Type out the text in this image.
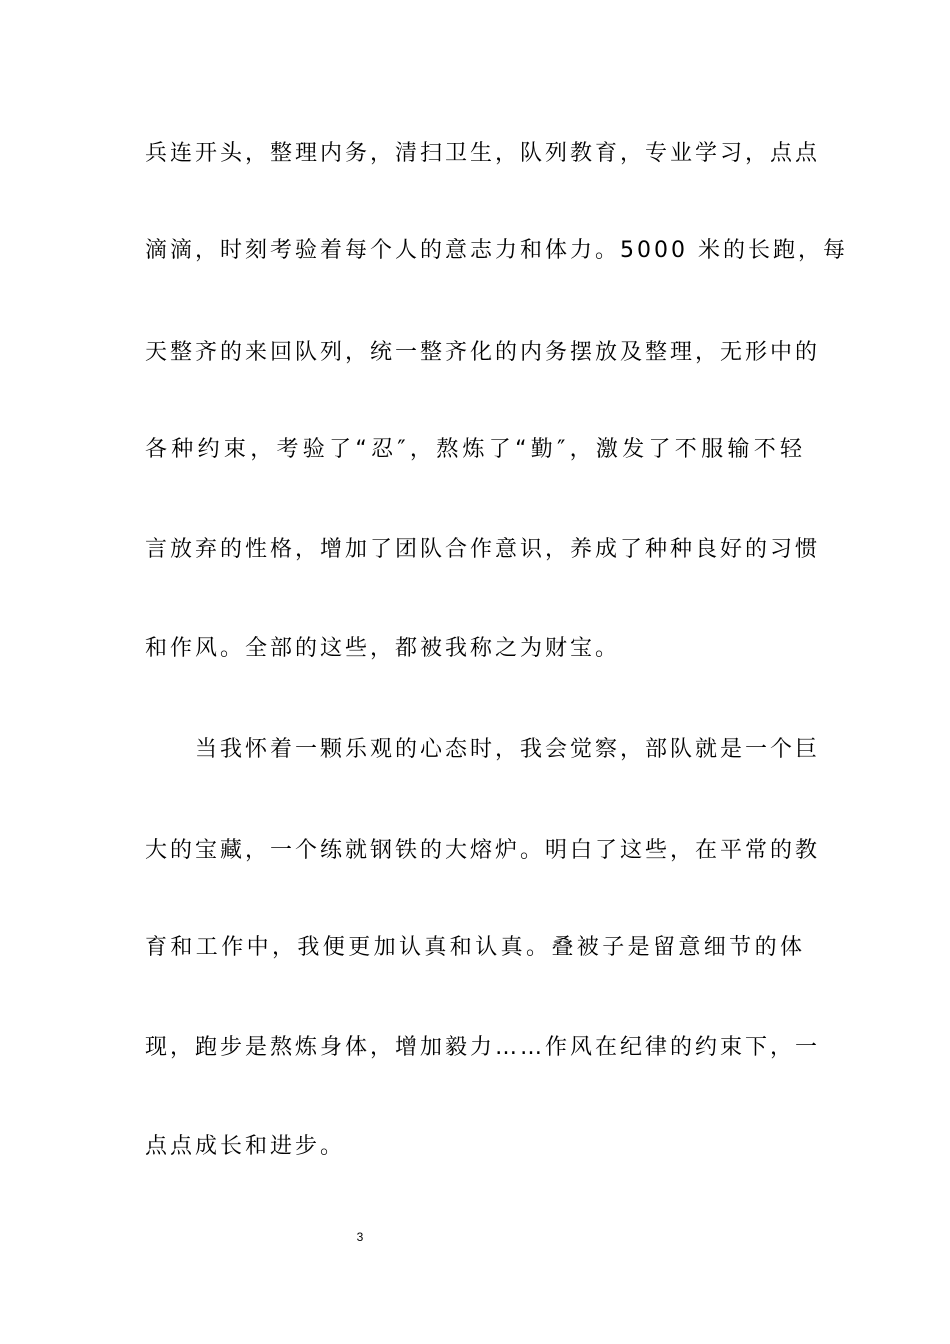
兵连开头，整理内务，清扫卫生，队列教育，专业学习，点点
滴滴，时刻考验着每个人的意志力和体力。5000 米的长跑，每
天整齐的来回队列，统一整齐化的内务摆放及整理，无形中的
各种约束，考验了“忍″，熬炼了“勤″，激发了不服输不轻
言放弃的性格，增加了团队合作意识，养成了种种良好的习惯
和作风。全部的这些，都被我称之为财宝。
当我怀着一颗乐观的心态时，我会觉察，部队就是一个巨
大的宝藏，一个练就钢铁的大熔炉。明白了这些，在平常的教
育和工作中，我便更加认真和认真。叠被子是留意细节的体
现，跑步是熬炼身体，增加毅力……作风在纪律的约束下，一
点点成长和进步。
3
